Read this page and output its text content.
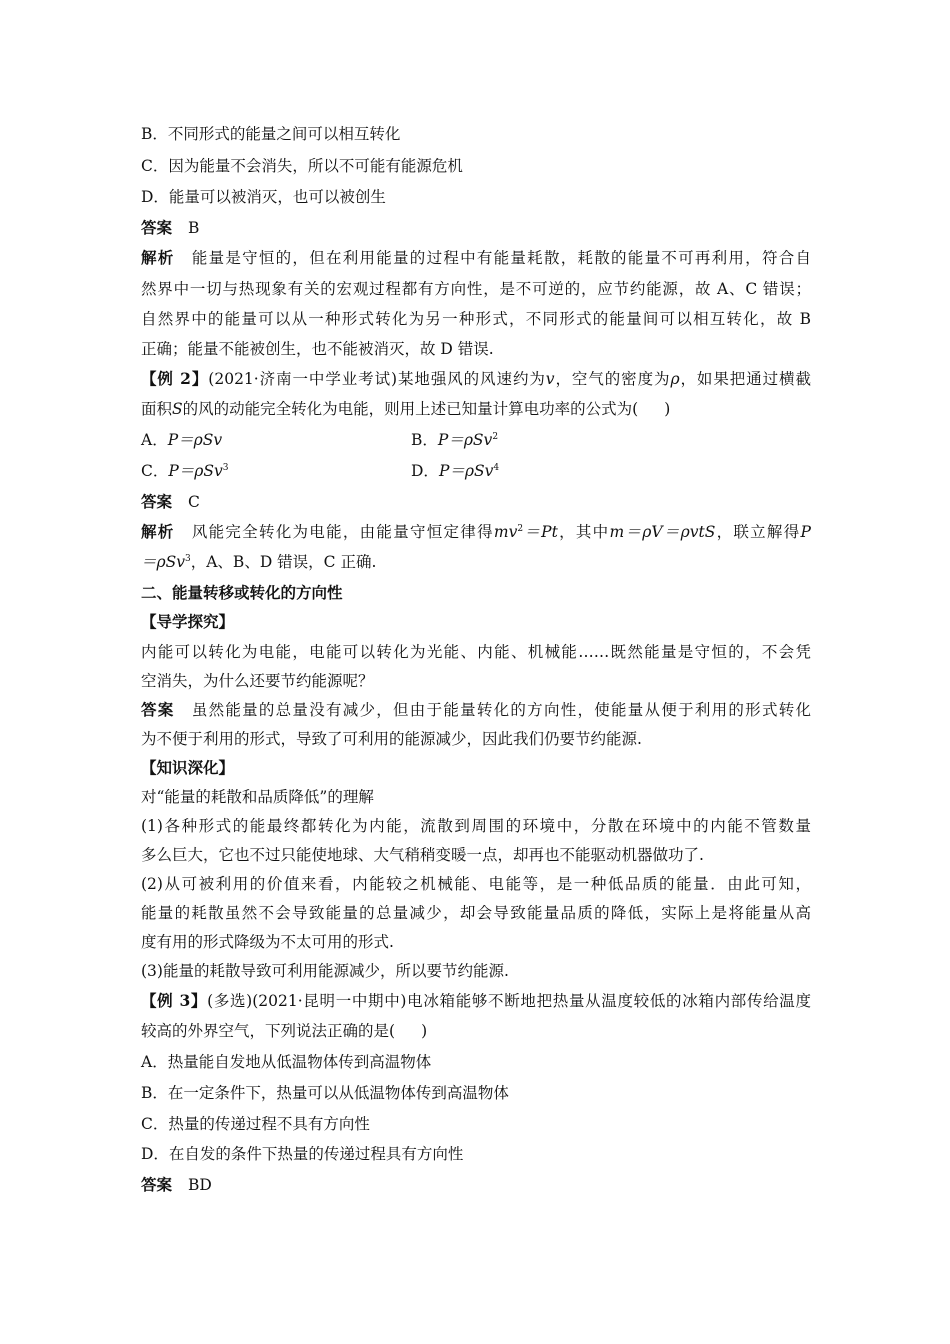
B．不同形式的能量之间可以相互转化
C．因为能量不会消失，所以不可能有能源危机
D．能量可以被消灭，也可以被创生
答案 B
解析 能量是守恒的，但在利用能量的过程中有能量耗散，耗散的能量不可再利用，符合自
然界中一切与热现象有关的宏观过程都有方向性，是不可逆的，应节约能源，故 A、C 错误；
自然界中的能量可以从一种形式转化为另一种形式，不同形式的能量间可以相互转化，故 B
正确；能量不能被创生，也不能被消灭，故 D 错误.
【例 2】(2021·济南一中学业考试)某地强风的风速约为v，空气的密度为ρ，如果把通过横截
面积S的风的动能完全转化为电能，则用上述已知量计算电功率的公式为( )
A．P＝ρSv	B．P＝ρSv$^2$
C．P＝ρSv$^3$	D．P＝ρSv$^4$
答案 C
解析 风能完全转化为电能，由能量守恒定律得$mv^2=Pt$，其中m＝ρV＝ρvtS，联立解得P
＝ρSv$^3$，A、B、D 错误，C 正确.
二、能量转移或转化的方向性
【导学探究】
内能可以转化为电能，电能可以转化为光能、内能、机械能……既然能量是守恒的，不会凭
空消失，为什么还要节约能源呢？
答案 虽然能量的总量没有减少，但由于能量转化的方向性，使能量从便于利用的形式转化
为不便于利用的形式，导致了可利用的能源减少，因此我们仍要节约能源.
【知识深化】
对“能量的耗散和品质降低”的理解
(1)各种形式的能最终都转化为内能，流散到周围的环境中，分散在环境中的内能不管数量
多么巨大，它也不过只能使地球、大气稍稍变暖一点，却再也不能驱动机器做功了.
(2)从可被利用的价值来看，内能较之机械能、电能等，是一种低品质的能量．由此可知，
能量的耗散虽然不会导致能量的总量减少，却会导致能量品质的降低，实际上是将能量从高
度有用的形式降级为不太可用的形式.
(3)能量的耗散导致可利用能源减少，所以要节约能源.
【例 3】(多选)(2021·昆明一中期中)电冰箱能够不断地把热量从温度较低的冰箱内部传给温度
较高的外界空气，下列说法正确的是( )
A．热量能自发地从低温物体传到高温物体
B．在一定条件下，热量可以从低温物体传到高温物体
C．热量的传递过程不具有方向性
D．在自发的条件下热量的传递过程具有方向性
答案 BD
